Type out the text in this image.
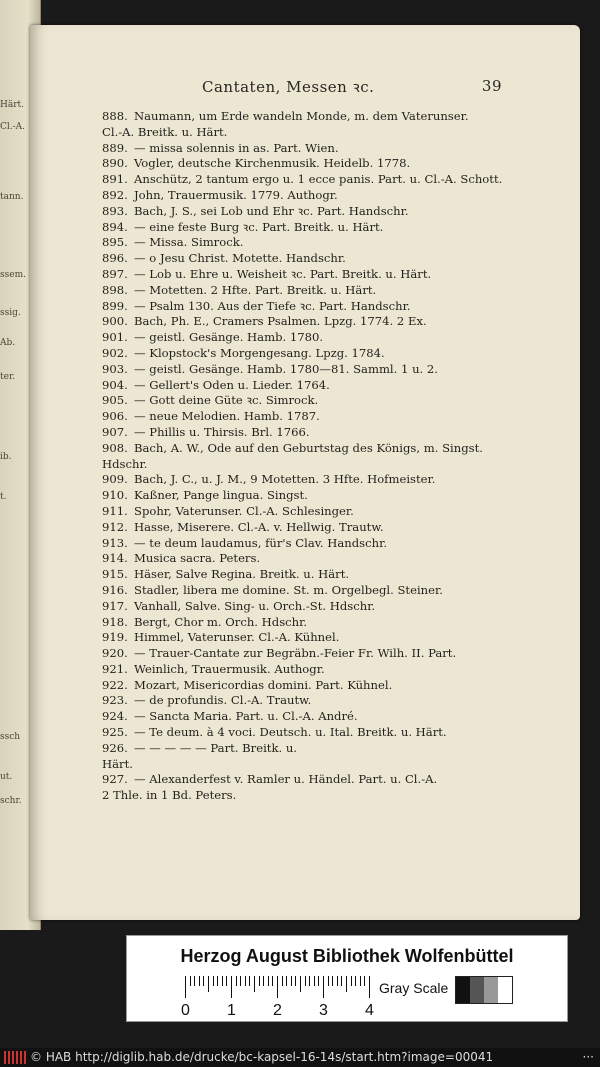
Härt.
Cl.-A.
tann.
ssem.
ssig.
Ab.
ter.
ib.
t.
ssch
ut.
schr.
Cantaten, Messen ꝛc.	39
888. Naumann, um Erde wandeln Monde, m. dem Vaterunser.
Cl.-A. Breitk. u. Härt.
889. — missa solennis in as. Part. Wien.
890. Vogler, deutsche Kirchenmusik. Heidelb. 1778.
891. Anschütz, 2 tantum ergo u. 1 ecce panis. Part. u. Cl.-A. Schott.
892. John, Trauermusik. 1779. Authogr.
893. Bach, J. S., sei Lob und Ehr ꝛc. Part. Handschr.
894. — eine feste Burg ꝛc. Part. Breitk. u. Härt.
895. — Missa. Simrock.
896. — o Jesu Christ. Motette. Handschr.
897. — Lob u. Ehre u. Weisheit ꝛc. Part. Breitk. u. Härt.
898. — Motetten. 2 Hfte. Part. Breitk. u. Härt.
899. — Psalm 130. Aus der Tiefe ꝛc. Part. Handschr.
900. Bach, Ph. E., Cramers Psalmen. Lpzg. 1774. 2 Ex.
901. — geistl. Gesänge. Hamb. 1780.
902. — Klopstock's Morgengesang. Lpzg. 1784.
903. — geistl. Gesänge. Hamb. 1780—81. Samml. 1 u. 2.
904. — Gellert's Oden u. Lieder. 1764.
905. — Gott deine Güte ꝛc. Simrock.
906. — neue Melodien. Hamb. 1787.
907. — Phillis u. Thirsis. Brl. 1766.
908. Bach, A. W., Ode auf den Geburtstag des Königs, m. Singst.
Hdschr.
909. Bach, J. C., u. J. M., 9 Motetten. 3 Hfte. Hofmeister.
910. Kaßner, Pange lingua. Singst.
911. Spohr, Vaterunser. Cl.-A. Schlesinger.
912. Hasse, Miserere. Cl.-A. v. Hellwig. Trautw.
913. — te deum laudamus, für's Clav. Handschr.
914. Musica sacra. Peters.
915. Häser, Salve Regina. Breitk. u. Härt.
916. Stadler, libera me domine. St. m. Orgelbegl. Steiner.
917. Vanhall, Salve. Sing- u. Orch.-St. Hdschr.
918. Bergt, Chor m. Orch. Hdschr.
919. Himmel, Vaterunser. Cl.-A. Kühnel.
920. — Trauer-Cantate zur Begräbn.-Feier Fr. Wilh. II. Part.
921. Weinlich, Trauermusik. Authogr.
922. Mozart, Misericordias domini. Part. Kühnel.
923. — de profundis. Cl.-A. Trautw.
924. — Sancta Maria. Part. u. Cl.-A. André.
925. — Te deum. à 4 voci. Deutsch. u. Ital. Breitk. u. Härt.
926. — — — — — Part. Breitk. u.
Härt.
927. — Alexanderfest v. Ramler u. Händel. Part. u. Cl.-A.
2 Thle. in 1 Bd. Peters.
Herzog August Bibliothek Wolfenbüttel
0 1 2 3 4
Gray Scale
© HAB http://diglib.hab.de/drucke/bc-kapsel-16-14s/start.htm?image=00041	···
